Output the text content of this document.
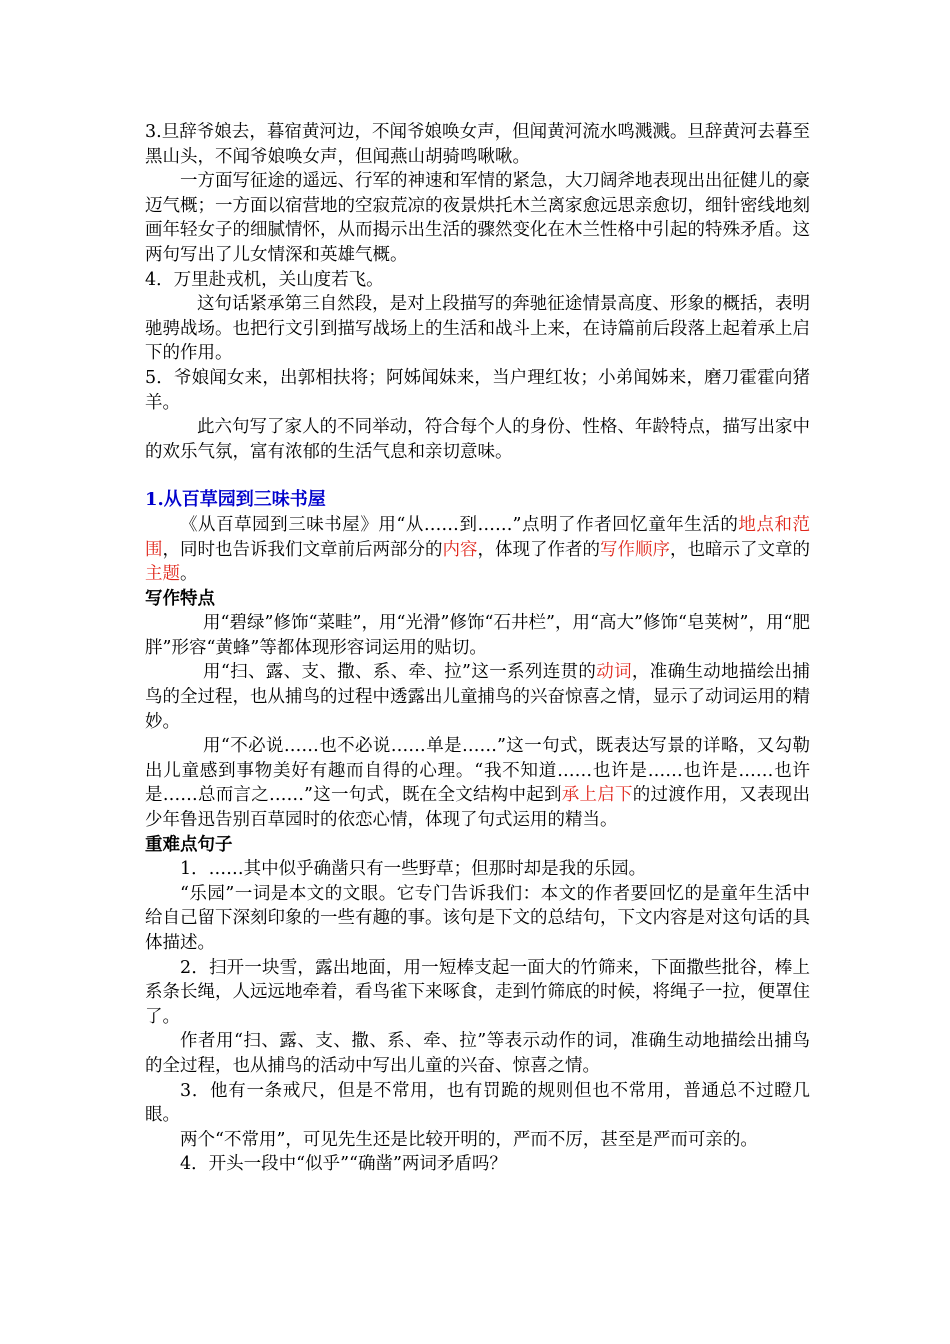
3.旦辞爷娘去，暮宿黄河边，不闻爷娘唤女声，但闻黄河流水鸣溅溅。旦辞黄河去暮至黑山头，不闻爷娘唤女声，但闻燕山胡骑鸣啾啾。

一方面写征途的遥远、行军的神速和军情的紧急，大刀阔斧地表现出出征健儿的豪迈气概；一方面以宿营地的空寂荒凉的夜景烘托木兰离家愈远思亲愈切，细针密线地刻画年轻女子的细腻情怀，从而揭示出生活的骤然变化在木兰性格中引起的特殊矛盾。这两句写出了儿女情深和英雄气概。

4．万里赴戎机，关山度若飞。

这句话紧承第三自然段，是对上段描写的奔驰征途情景高度、形象的概括，表明驰骋战场。也把行文引到描写战场上的生活和战斗上来，在诗篇前后段落上起着承上启下的作用。

5．爷娘闻女来，出郭相扶将；阿姊闻妹来，当户理红妆；小弟闻姊来，磨刀霍霍向猪羊。

此六句写了家人的不同举动，符合每个人的身份、性格、年龄特点，描写出家中的欢乐气氛，富有浓郁的生活气息和亲切意味。

1.从百草园到三味书屋

《从百草园到三味书屋》用“从……到……”点明了作者回忆童年生活的地点和范围，同时也告诉我们文章前后两部分的内容，体现了作者的写作顺序，也暗示了文章的主题。

写作特点

用“碧绿”修饰“菜畦”，用“光滑”修饰“石井栏”，用“高大”修饰“皂荚树”，用“肥胖”形容“黄蜂”等都体现形容词运用的贴切。

用“扫、露、支、撒、系、牵、拉”这一系列连贯的动词，准确生动地描绘出捕鸟的全过程，也从捕鸟的过程中透露出儿童捕鸟的兴奋惊喜之情，显示了动词运用的精妙。

用“不必说……也不必说……单是……”这一句式，既表达写景的详略，又勾勒出儿童感到事物美好有趣而自得的心理。“我不知道……也许是……也许是……也许是……总而言之……”这一句式，既在全文结构中起到承上启下的过渡作用，又表现出少年鲁迅告别百草园时的依恋心情，体现了句式运用的精当。

重难点句子

1．……其中似乎确凿只有一些野草；但那时却是我的乐园。

“乐园”一词是本文的文眼。它专门告诉我们：本文的作者要回忆的是童年生活中给自己留下深刻印象的一些有趣的事。该句是下文的总结句，下文内容是对这句话的具体描述。

2．扫开一块雪，露出地面，用一短棒支起一面大的竹筛来，下面撒些批谷，棒上系条长绳，人远远地牵着，看鸟雀下来啄食，走到竹筛底的时候，将绳子一拉，便罩住了。

作者用“扫、露、支、撒、系、牵、拉”等表示动作的词，准确生动地描绘出捕鸟的全过程，也从捕鸟的活动中写出儿童的兴奋、惊喜之情。

3．他有一条戒尺，但是不常用，也有罚跪的规则但也不常用，普通总不过瞪几眼。

两个“不常用”，可见先生还是比较开明的，严而不厉，甚至是严而可亲的。

4．开头一段中“似乎”“确凿”两词矛盾吗？
